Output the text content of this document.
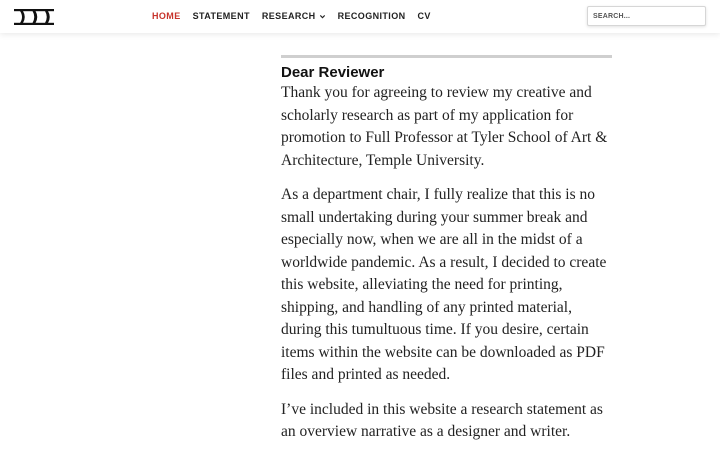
HOME STATEMENT RESEARCH RECOGNITION CV
SEARCH...
Dear Reviewer

Thank you for agreeing to review my creative and scholarly research as part of my application for promotion to Full Professor at Tyler School of Art & Architecture, Temple University.

As a department chair, I fully realize that this is no small undertaking during your summer break and especially now, when we are all in the midst of a worldwide pandemic. As a result, I decided to create this website, alleviating the need for printing, shipping, and handling of any printed material, during this tumultuous time. If you desire, certain items within the website can be downloaded as PDF files and printed as needed.

I’ve included in this website a research statement as an overview narrative as a designer and writer.
